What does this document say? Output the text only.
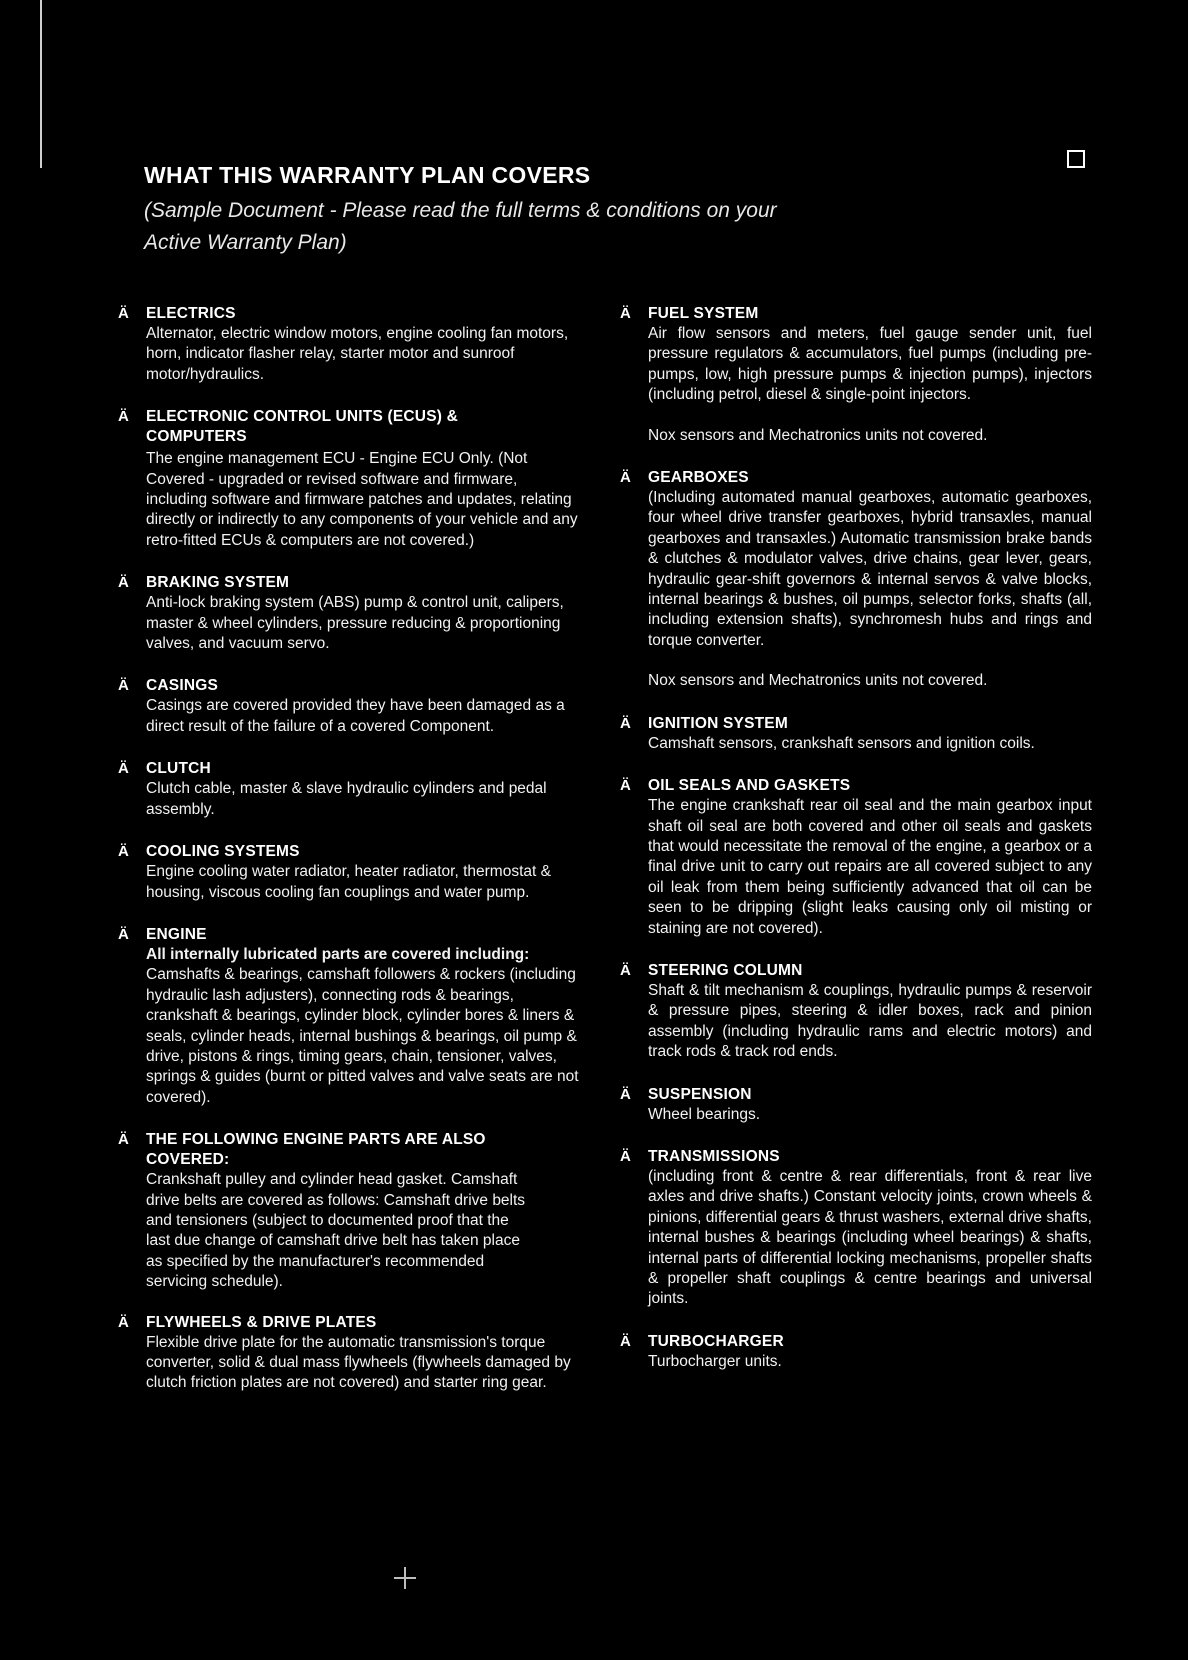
WHAT THIS WARRANTY PLAN COVERS
(Sample Document - Please read the full terms & conditions on your Active Warranty Plan)
Ä ELECTRICS
Alternator, electric window motors, engine cooling fan motors, horn, indicator flasher relay, starter motor and sunroof motor/hydraulics.
Ä ELECTRONIC CONTROL UNITS (ECUS) & COMPUTERS
The engine management ECU - Engine ECU Only. (Not Covered - upgraded or revised software and firmware, including software and firmware patches and updates, relating directly or indirectly to any components of your vehicle and any retro-fitted ECUs & computers are not covered.)
Ä BRAKING SYSTEM
Anti-lock braking system (ABS) pump & control unit, calipers, master & wheel cylinders, pressure reducing & proportioning valves, and vacuum servo.
Ä CASINGS
Casings are covered provided they have been damaged as a direct result of the failure of a covered Component.
Ä CLUTCH
Clutch cable, master & slave hydraulic cylinders and pedal assembly.
Ä COOLING SYSTEMS
Engine cooling water radiator, heater radiator, thermostat & housing, viscous cooling fan couplings and water pump.
Ä ENGINE
All internally lubricated parts are covered including: Camshafts & bearings, camshaft followers & rockers (including hydraulic lash adjusters), connecting rods & bearings, crankshaft & bearings, cylinder block, cylinder bores & liners & seals, cylinder heads, internal bushings & bearings, oil pump & drive, pistons & rings, timing gears, chain, tensioner, valves, springs & guides (burnt or pitted valves and valve seats are not covered).
Ä THE FOLLOWING ENGINE PARTS ARE ALSO COVERED:
Crankshaft pulley and cylinder head gasket. Camshaft drive belts are covered as follows: Camshaft drive belts and tensioners (subject to documented proof that the last due change of camshaft drive belt has taken place as specified by the manufacturer's recommended servicing schedule).
Ä FLYWHEELS & DRIVE PLATES
Flexible drive plate for the automatic transmission's torque converter, solid & dual mass flywheels (flywheels damaged by clutch friction plates are not covered) and starter ring gear.
Ä FUEL SYSTEM
Air flow sensors and meters, fuel gauge sender unit, fuel pressure regulators & accumulators, fuel pumps (including pre-pumps, low, high pressure pumps & injection pumps), injectors (including petrol, diesel & single-point injectors.
Nox sensors and Mechatronics units not covered.
Ä GEARBOXES
(Including automated manual gearboxes, automatic gearboxes, four wheel drive transfer gearboxes, hybrid transaxles, manual gearboxes and transaxles.) Automatic transmission brake bands & clutches & modulator valves, drive chains, gear lever, gears, hydraulic gear-shift governors & internal servos & valve blocks, internal bearings & bushes, oil pumps, selector forks, shafts (all, including extension shafts), synchromesh hubs and rings and torque converter.
Nox sensors and Mechatronics units not covered.
Ä IGNITION SYSTEM
Camshaft sensors, crankshaft sensors and ignition coils.
Ä OIL SEALS AND GASKETS
The engine crankshaft rear oil seal and the main gearbox input shaft oil seal are both covered and other oil seals and gaskets that would necessitate the removal of the engine, a gearbox or a final drive unit to carry out repairs are all covered subject to any oil leak from them being sufficiently advanced that oil can be seen to be dripping (slight leaks causing only oil misting or staining are not covered).
Ä STEERING COLUMN
Shaft & tilt mechanism & couplings, hydraulic pumps & reservoir & pressure pipes, steering & idler boxes, rack and pinion assembly (including hydraulic rams and electric motors) and track rods & track rod ends.
Ä SUSPENSION
Wheel bearings.
Ä TRANSMISSIONS
(including front & centre & rear differentials, front & rear live axles and drive shafts.) Constant velocity joints, crown wheels & pinions, differential gears & thrust washers, external drive shafts, internal bushes & bearings (including wheel bearings) & shafts, internal parts of differential locking mechanisms, propeller shafts & propeller shaft couplings & centre bearings and universal joints.
Ä TURBOCHARGER
Turbocharger units.
